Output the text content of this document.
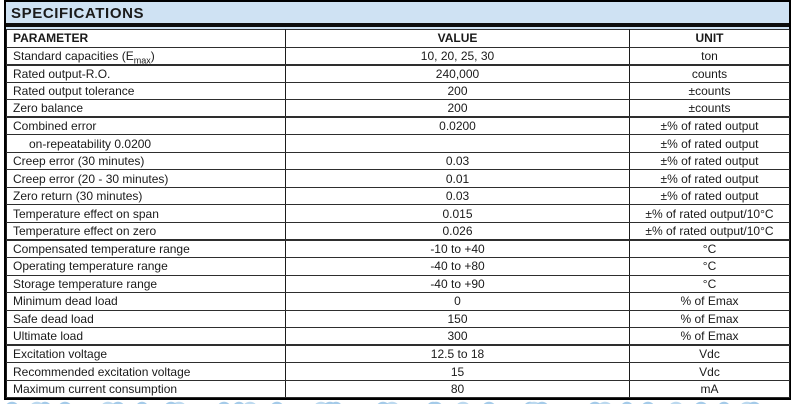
SPECIFICATIONS
PARAMETER	VALUE	UNIT
Standard capacities $(E_{max})$	10, 20, 25, 30	ton
Rated output-R.O.	240,000	counts
Rated output tolerance	200	±counts
Zero balance	200	±counts
Combined error	0.0200	±% of rated output
on-repeatability 0.0200		±% of rated output
Creep error (30 minutes)	0.03	±% of rated output
Creep error (20 - 30 minutes)	0.01	±% of rated output
Zero return (30 minutes)	0.03	±% of rated output
Temperature effect on span	0.015	±% of rated output/10°C
Temperature effect on zero	0.026	±% of rated output/10°C
Compensated temperature range	-10 to +40	°C
Operating temperature range	-40 to +80	°C
Storage temperature range	-40 to +90	°C
Minimum dead load	0	% of Emax
Safe dead load	150	% of Emax
Ultimate load	300	% of Emax
Excitation voltage	12.5 to 18	Vdc
Recommended excitation voltage	15	Vdc
Maximum current consumption	80	mA
